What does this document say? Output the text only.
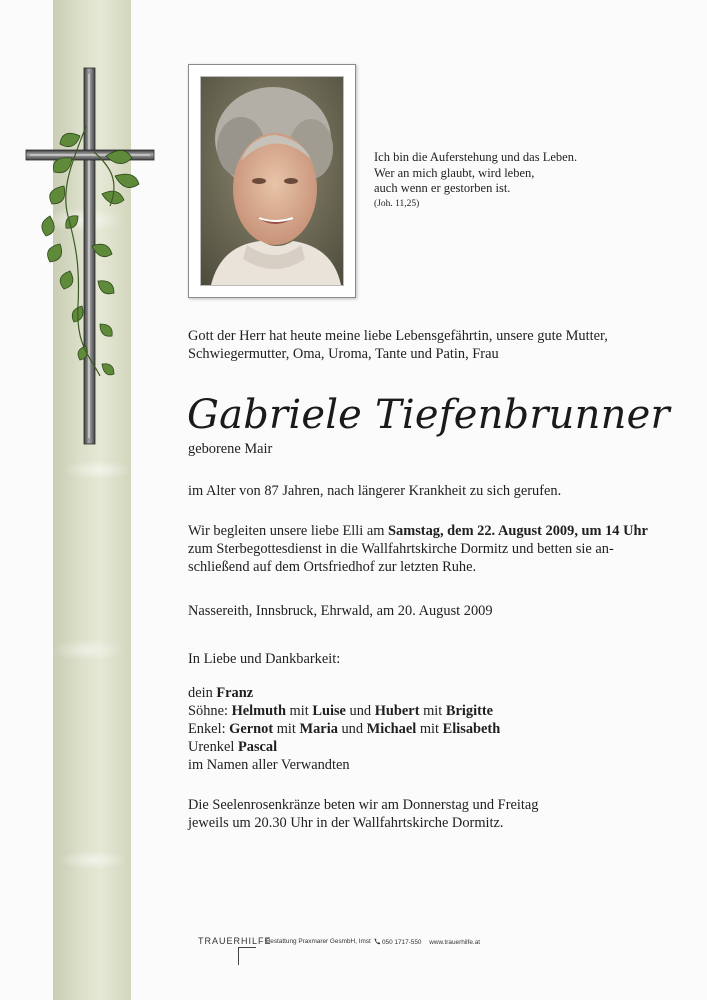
Ich bin die Auferstehung und das Leben.
Wer an mich glaubt, wird leben,
auch wenn er gestorben ist.
(Joh. 11,25)
Gott der Herr hat heute meine liebe Lebensgefährtin, unsere gute Mutter,
Schwiegermutter, Oma, Uroma, Tante und Patin, Frau
Gabriele Tiefenbrunner
geborene Mair
im Alter von 87 Jahren, nach längerer Krankheit zu sich gerufen.
Wir begleiten unsere liebe Elli am Samstag, dem 22. August 2009, um 14 Uhr
zum Sterbegottesdienst in die Wallfahrtskirche Dormitz und betten sie an-
schließend auf dem Ortsfriedhof zur letzten Ruhe.
Nassereith, Innsbruck, Ehrwald, am 20. August 2009
In Liebe und Dankbarkeit:
dein Franz
Söhne: Helmuth mit Luise und Hubert mit Brigitte
Enkel: Gernot mit Maria und Michael mit Elisabeth
Urenkel Pascal
im Namen aller Verwandten
Die Seelenrosenkränze beten wir am Donnerstag und Freitag
jeweils um 20.30 Uhr in der Wallfahrtskirche Dormitz.
TRAUERHILFE
Bestattung Praxmarer GesmbH, Imst	050 1717-550 www.trauerhilfe.at
